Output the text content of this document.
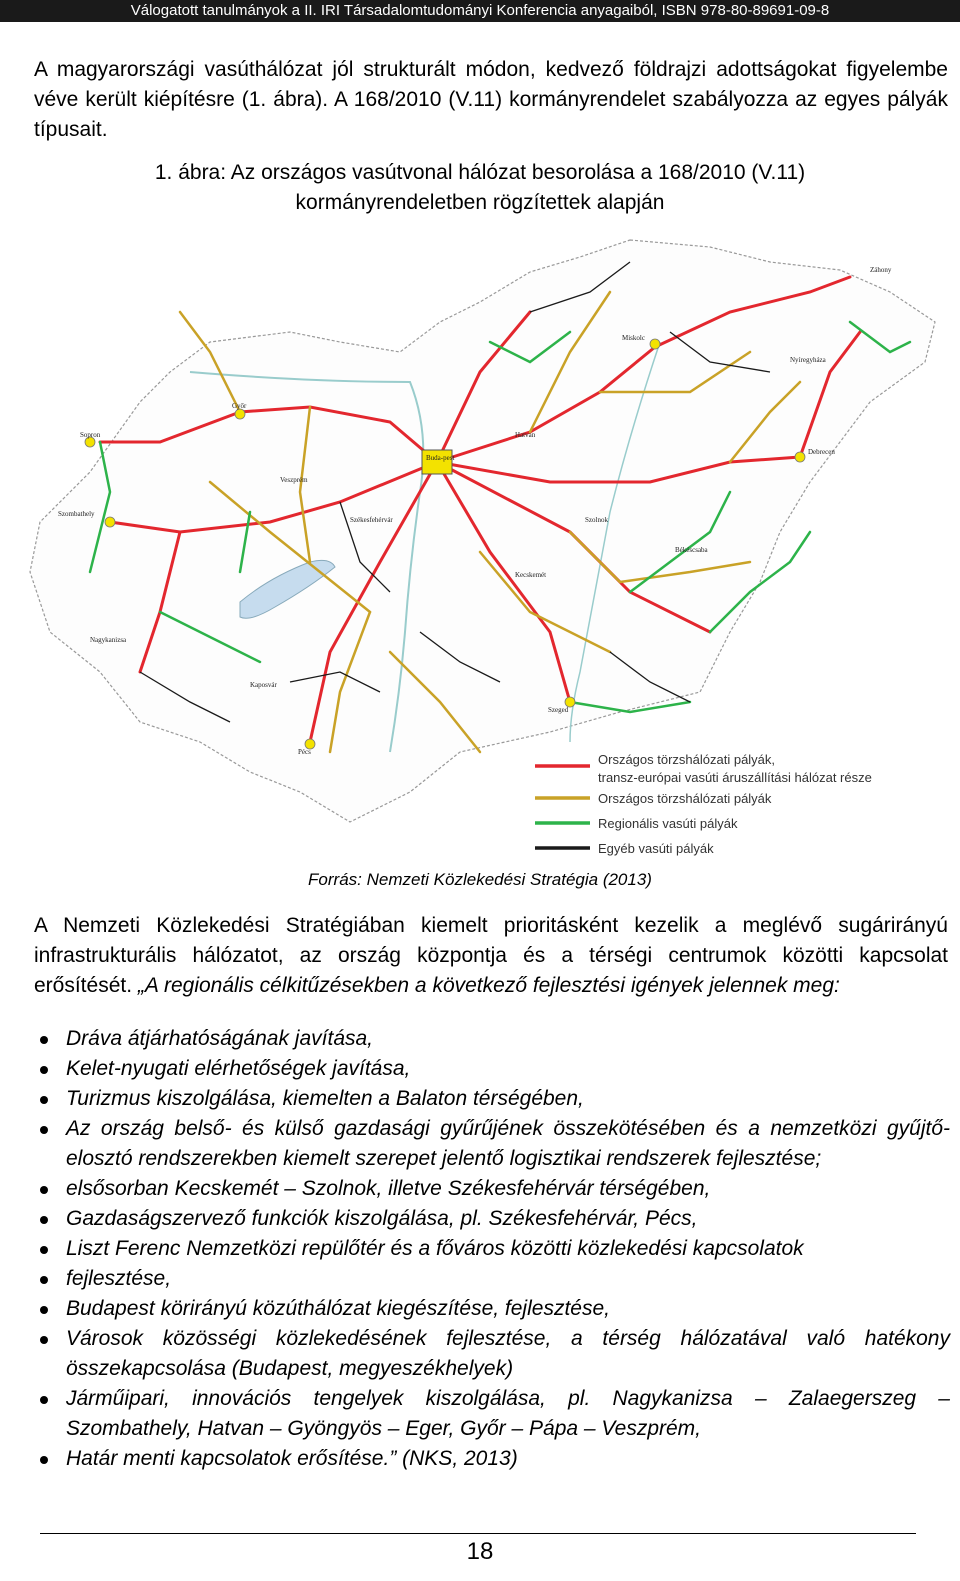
Válogatott tanulmányok a II. IRI Társadalomtudományi Konferencia anyagaiból, ISBN 978-80-89691-09-8
A magyarországi vasúthálózat jól strukturált módon, kedvező földrajzi adottságokat figyelembe véve került kiépítésre (1. ábra). A 168/2010 (V.11) kormányrendelet szabályozza az egyes pályák típusait.
1. ábra: Az országos vasútvonal hálózat besorolása a 168/2010 (V.11)
kormányrendeletben rögzítettek alapján
Buda-pest
Miskolc
Debrecen
Szeged
Pécs
Győr
Szombathely
Sopron
Szolnok
Kecskemét
Nyíregyháza
Székesfehérvár
Nagykanizsa
Békéscsaba
Kaposvár
Veszprém
Hatvan
Záhony
Országos törzshálózati pályák,
transz-európai vasúti áruszállítási hálózat része
Országos törzshálózati pályák
Regionális vasúti pályák
Egyéb vasúti pályák
Forrás: Nemzeti Közlekedési Stratégia (2013)
A Nemzeti Közlekedési Stratégiában kiemelt prioritásként kezelik a meglévő sugárirányú infrastrukturális hálózatot, az ország központja és a térségi centrumok közötti kapcsolat erősítését. „A regionális célkitűzésekben a következő fejlesztési igények jelennek meg:
Dráva átjárhatóságának javítása,
Kelet-nyugati elérhetőségek javítása,
Turizmus kiszolgálása, kiemelten a Balaton térségében,
Az ország belső- és külső gazdasági gyűrűjének összekötésében és a nemzetközi gyűjtő- elosztó rendszerekben kiemelt szerepet jelentő logisztikai rendszerek fejlesztése;
elsősorban Kecskemét – Szolnok, illetve Székesfehérvár térségében,
Gazdaságszervező funkciók kiszolgálása, pl. Székesfehérvár, Pécs,
Liszt Ferenc Nemzetközi repülőtér és a főváros közötti közlekedési kapcsolatok
fejlesztése,
Budapest körirányú közúthálózat kiegészítése, fejlesztése,
Városok közösségi közlekedésének fejlesztése, a térség hálózatával való hatékony összekapcsolása (Budapest, megyeszékhelyek)
Járműipari, innovációs tengelyek kiszolgálása, pl. Nagykanizsa – Zalaegerszeg – Szombathely, Hatvan – Gyöngyös – Eger, Győr – Pápa – Veszprém,
Határ menti kapcsolatok erősítése.” (NKS, 2013)
18
